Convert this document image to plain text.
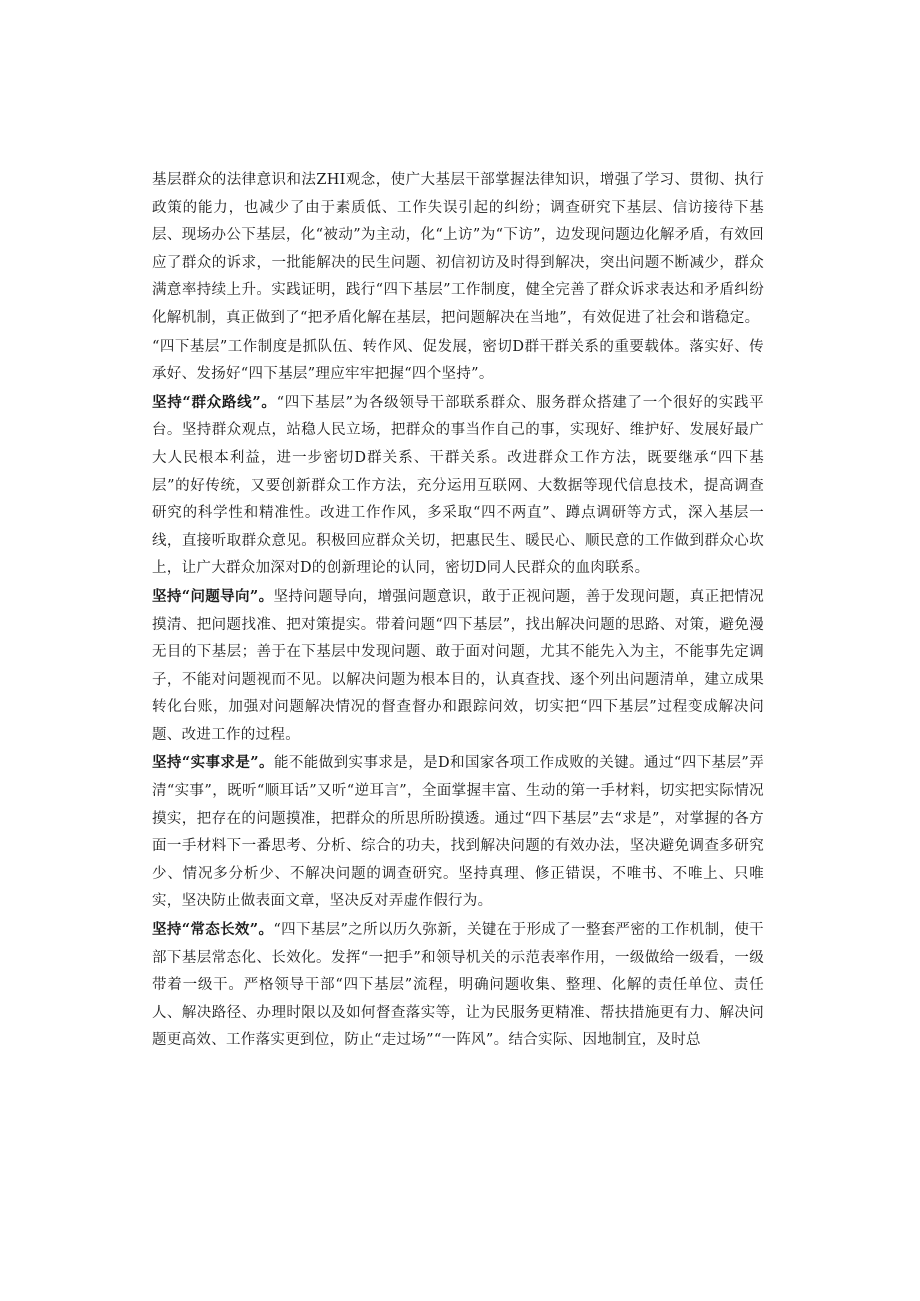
基层群众的法律意识和法ZHI观念，使广大基层干部掌握法律知识，增强了学习、贯彻、执行政策的能力，也减少了由于素质低、工作失误引起的纠纷；调查研究下基层、信访接待下基层、现场办公下基层，化“被动”为主动，化“上访”为“下访”，边发现问题边化解矛盾，有效回应了群众的诉求，一批能解决的民生问题、初信初访及时得到解决，突出问题不断减少，群众满意率持续上升。实践证明，践行“四下基层”工作制度，健全完善了群众诉求表达和矛盾纠纷化解机制，真正做到了“把矛盾化解在基层，把问题解决在当地”，有效促进了社会和谐稳定。

“四下基层”工作制度是抓队伍、转作风、促发展，密切D群干群关系的重要载体。落实好、传承好、发扬好“四下基层”理应牢牢把握“四个坚持”。

坚持“群众路线”。“四下基层”为各级领导干部联系群众、服务群众搭建了一个很好的实践平台。坚持群众观点，站稳人民立场，把群众的事当作自己的事，实现好、维护好、发展好最广大人民根本利益，进一步密切D群关系、干群关系。改进群众工作方法，既要继承“四下基层”的好传统，又要创新群众工作方法，充分运用互联网、大数据等现代信息技术，提高调查研究的科学性和精准性。改进工作作风，多采取“四不两直”、蹲点调研等方式，深入基层一线，直接听取群众意见。积极回应群众关切，把惠民生、暖民心、顺民意的工作做到群众心坎上，让广大群众加深对D的创新理论的认同，密切D同人民群众的血肉联系。

坚持“问题导向”。坚持问题导向，增强问题意识，敢于正视问题，善于发现问题，真正把情况摸清、把问题找准、把对策提实。带着问题“四下基层”，找出解决问题的思路、对策，避免漫无目的下基层；善于在下基层中发现问题、敢于面对问题，尤其不能先入为主，不能事先定调子，不能对问题视而不见。以解决问题为根本目的，认真查找、逐个列出问题清单，建立成果转化台账，加强对问题解决情况的督查督办和跟踪问效，切实把“四下基层”过程变成解决问题、改进工作的过程。

坚持“实事求是”。能不能做到实事求是，是D和国家各项工作成败的关键。通过“四下基层”弄清“实事”，既听“顺耳话”又听“逆耳言”，全面掌握丰富、生动的第一手材料，切实把实际情况摸实，把存在的问题摸准，把群众的所思所盼摸透。通过“四下基层”去“求是”，对掌握的各方面一手材料下一番思考、分析、综合的功夫，找到解决问题的有效办法，坚决避免调查多研究少、情况多分析少、不解决问题的调查研究。坚持真理、修正错误，不唯书、不唯上、只唯实，坚决防止做表面文章，坚决反对弄虚作假行为。

坚持“常态长效”。“四下基层”之所以历久弥新，关键在于形成了一整套严密的工作机制，使干部下基层常态化、长效化。发挥“一把手”和领导机关的示范表率作用，一级做给一级看，一级带着一级干。严格领导干部“四下基层”流程，明确问题收集、整理、化解的责任单位、责任人、解决路径、办理时限以及如何督查落实等，让为民服务更精准、帮扶措施更有力、解决问题更高效、工作落实更到位，防止“走过场”“一阵风”。结合实际、因地制宜，及时总
